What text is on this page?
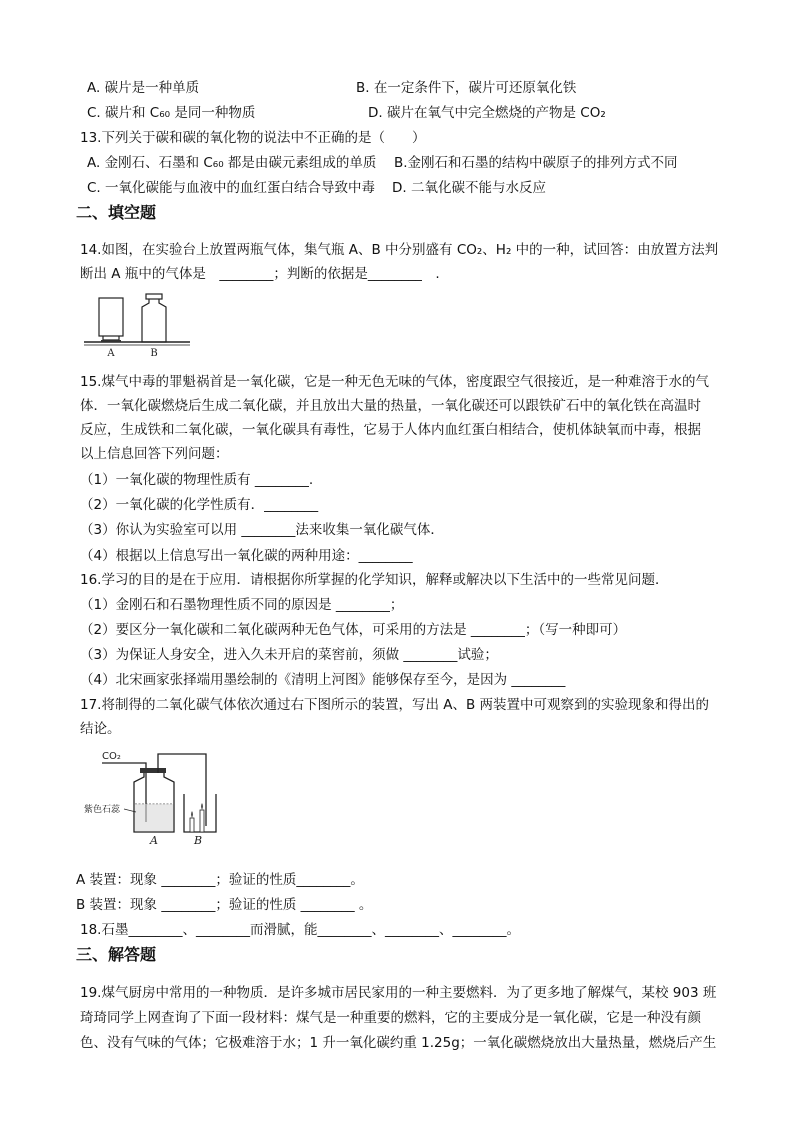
A. 碳片是一种单质	B. 在一定条件下，碳片可还原氧化铁
C. 碳片和 C₆₀ 是同一种物质	D. 碳片在氧气中完全燃烧的产物是 CO₂
13.下列关于碳和碳的氧化物的说法中不正确的是（　　）
A. 金刚石、石墨和 C₆₀ 都是由碳元素组成的单质 B.金刚石和石墨的结构中碳原子的排列方式不同
C. 一氧化碳能与血液中的血红蛋白结合导致中毒 D. 二氧化碳不能与水反应
二、填空题
14.如图，在实验台上放置两瓶气体，集气瓶 A、B 中分别盛有 CO₂、H₂ 中的一种，试回答：由放置方法判
断出 A 瓶中的气体是　________；判断的依据是________　.
A	B
15.煤气中毒的罪魁祸首是一氧化碳，它是一种无色无味的气体，密度跟空气很接近，是一种难溶于水的气
体．一氧化碳燃烧后生成二氧化碳，并且放出大量的热量，一氧化碳还可以跟铁矿石中的氧化铁在高温时
反应，生成铁和二氧化碳，一氧化碳具有毒性，它易于人体内血红蛋白相结合，使机体缺氧而中毒，根据
以上信息回答下列问题：
（1）一氧化碳的物理性质有 ________.
（2）一氧化碳的化学性质有．________
（3）你认为实验室可以用 ________法来收集一氧化碳气体．
（4）根据以上信息写出一氧化碳的两种用途：________
16.学习的目的是在于应用．请根据你所掌握的化学知识，解释或解决以下生活中的一些常见问题．
（1）金刚石和石墨物理性质不同的原因是 ________；
（2）要区分一氧化碳和二氧化碳两种无色气体，可采用的方法是 ________；（写一种即可）
（3）为保证人身安全，进入久未开启的菜窖前，须做 ________试验；
（4）北宋画家张择端用墨绘制的《清明上河图》能够保存至今，是因为 ________
17.将制得的二氧化碳气体依次通过右下图所示的装置，写出 A、B 两装置中可观察到的实验现象和得出的
结论。
CO₂
紫色石蕊
A	B
A 装置：现象 ________；验证的性质________。
B 装置：现象 ________；验证的性质 ________ 。
18.石墨________、________而滑腻，能________、________、________。
三、解答题
19.煤气厨房中常用的一种物质．是许多城市居民家用的一种主要燃料．为了更多地了解煤气，某校 903 班
琦琦同学上网查询了下面一段材料：煤气是一种重要的燃料，它的主要成分是一氧化碳，它是一种没有颜
色、没有气味的气体；它极难溶于水；1 升一氧化碳约重 1.25g；一氧化碳燃烧放出大量热量，燃烧后产生
